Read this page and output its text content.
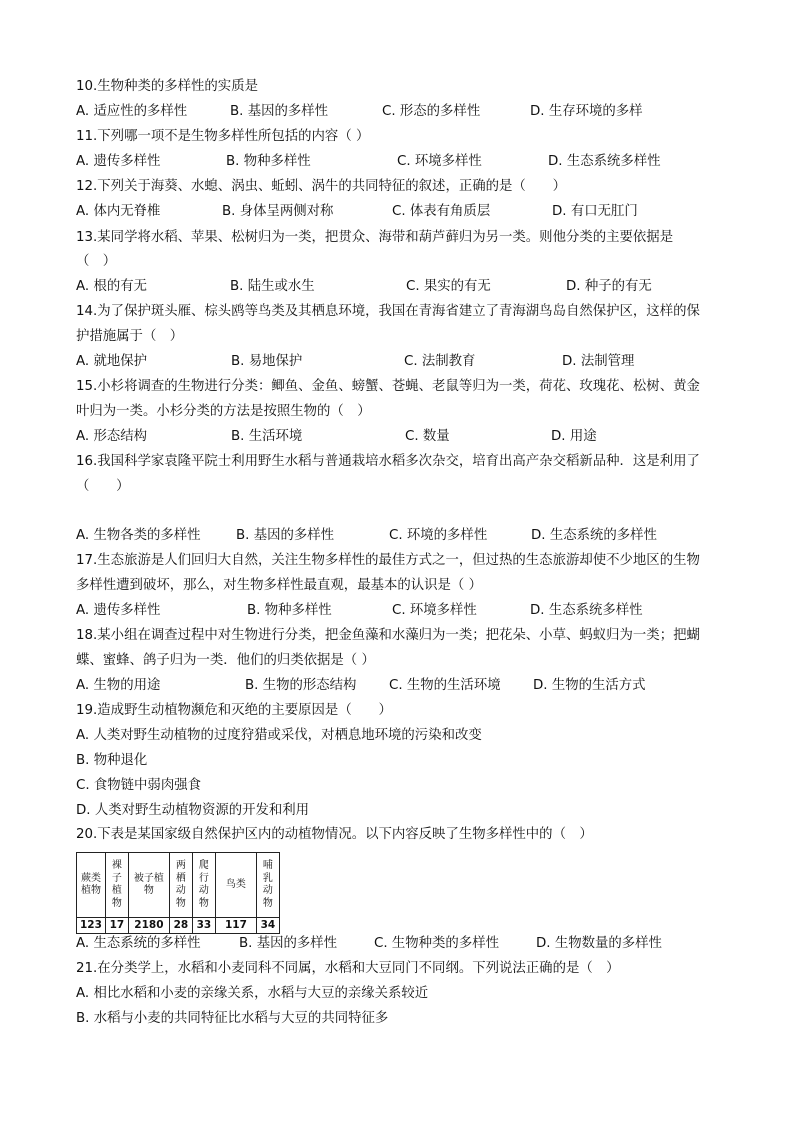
10.生物种类的多样性的实质是
A. 适应性的多样性	B. 基因的多样性	C. 形态的多样性	D. 生存环境的多样
11.下列哪一项不是生物多样性所包括的内容（ ）
A. 遗传多样性	B. 物种多样性	C. 环境多样性	D. 生态系统多样性
12.下列关于海葵、水螅、涡虫、蚯蚓、涡牛的共同特征的叙述，正确的是（　　）
A. 体内无脊椎	B. 身体呈两侧对称	C. 体表有角质层	D. 有口无肛门
13.某同学将水稻、苹果、松树归为一类，把贯众、海带和葫芦藓归为另一类。则他分类的主要依据是
（　）
A. 根的有无	B. 陆生或水生	C. 果实的有无	D. 种子的有无
14.为了保护斑头雁、棕头鸥等鸟类及其栖息环境，我国在青海省建立了青海湖鸟岛自然保护区，这样的保
护措施属于（　）
A. 就地保护	B. 易地保护	C. 法制教育	D. 法制管理
15.小杉将调查的生物进行分类：鲫鱼、金鱼、螃蟹、苍蝇、老鼠等归为一类，荷花、玫瑰花、松树、黄金
叶归为一类。小杉分类的方法是按照生物的（　）
A. 形态结构	B. 生活环境	C. 数量	D. 用途
16.我国科学家袁隆平院士利用野生水稻与普通栽培水稻多次杂交，培育出高产杂交稻新品种．这是利用了
（　　）
A. 生物各类的多样性	B. 基因的多样性	C. 环境的多样性	D. 生态系统的多样性
17.生态旅游是人们回归大自然，关注生物多样性的最佳方式之一，但过热的生态旅游却使不少地区的生物
多样性遭到破坏，那么，对生物多样性最直观，最基本的认识是（ ）
A. 遗传多样性	B. 物种多样性	C. 环境多样性	D. 生态系统多样性
18.某小组在调查过程中对生物进行分类，把金鱼藻和水藻归为一类；把花朵、小草、蚂蚁归为一类；把蝴
蝶、蜜蜂、鸽子归为一类．他们的归类依据是（ ）
A. 生物的用途	B. 生物的形态结构 C. 生物的生活环境 D. 生物的生活方式
19.造成野生动植物濒危和灭绝的主要原因是（　　）
A. 人类对野生动植物的过度狩猎或采伐，对栖息地环境的污染和改变
B. 物种退化
C. 食物链中弱肉强食
D. 人类对野生动植物资源的开发和利用
20.下表是某国家级自然保护区内的动植物情况。以下内容反映了生物多样性中的（　）
蕨类植物	裸子植物	被子植物	两栖动物	爬行动物	鸟类	哺乳动物
123	17	2180	28	33	117	34
A. 生态系统的多样性	B. 基因的多样性	C. 生物种类的多样性	D. 生物数量的多样性
21.在分类学上，水稻和小麦同科不同属，水稻和大豆同门不同纲。下列说法正确的是（　）
A. 相比水稻和小麦的亲缘关系，水稻与大豆的亲缘关系较近
B. 水稻与小麦的共同特征比水稻与大豆的共同特征多
